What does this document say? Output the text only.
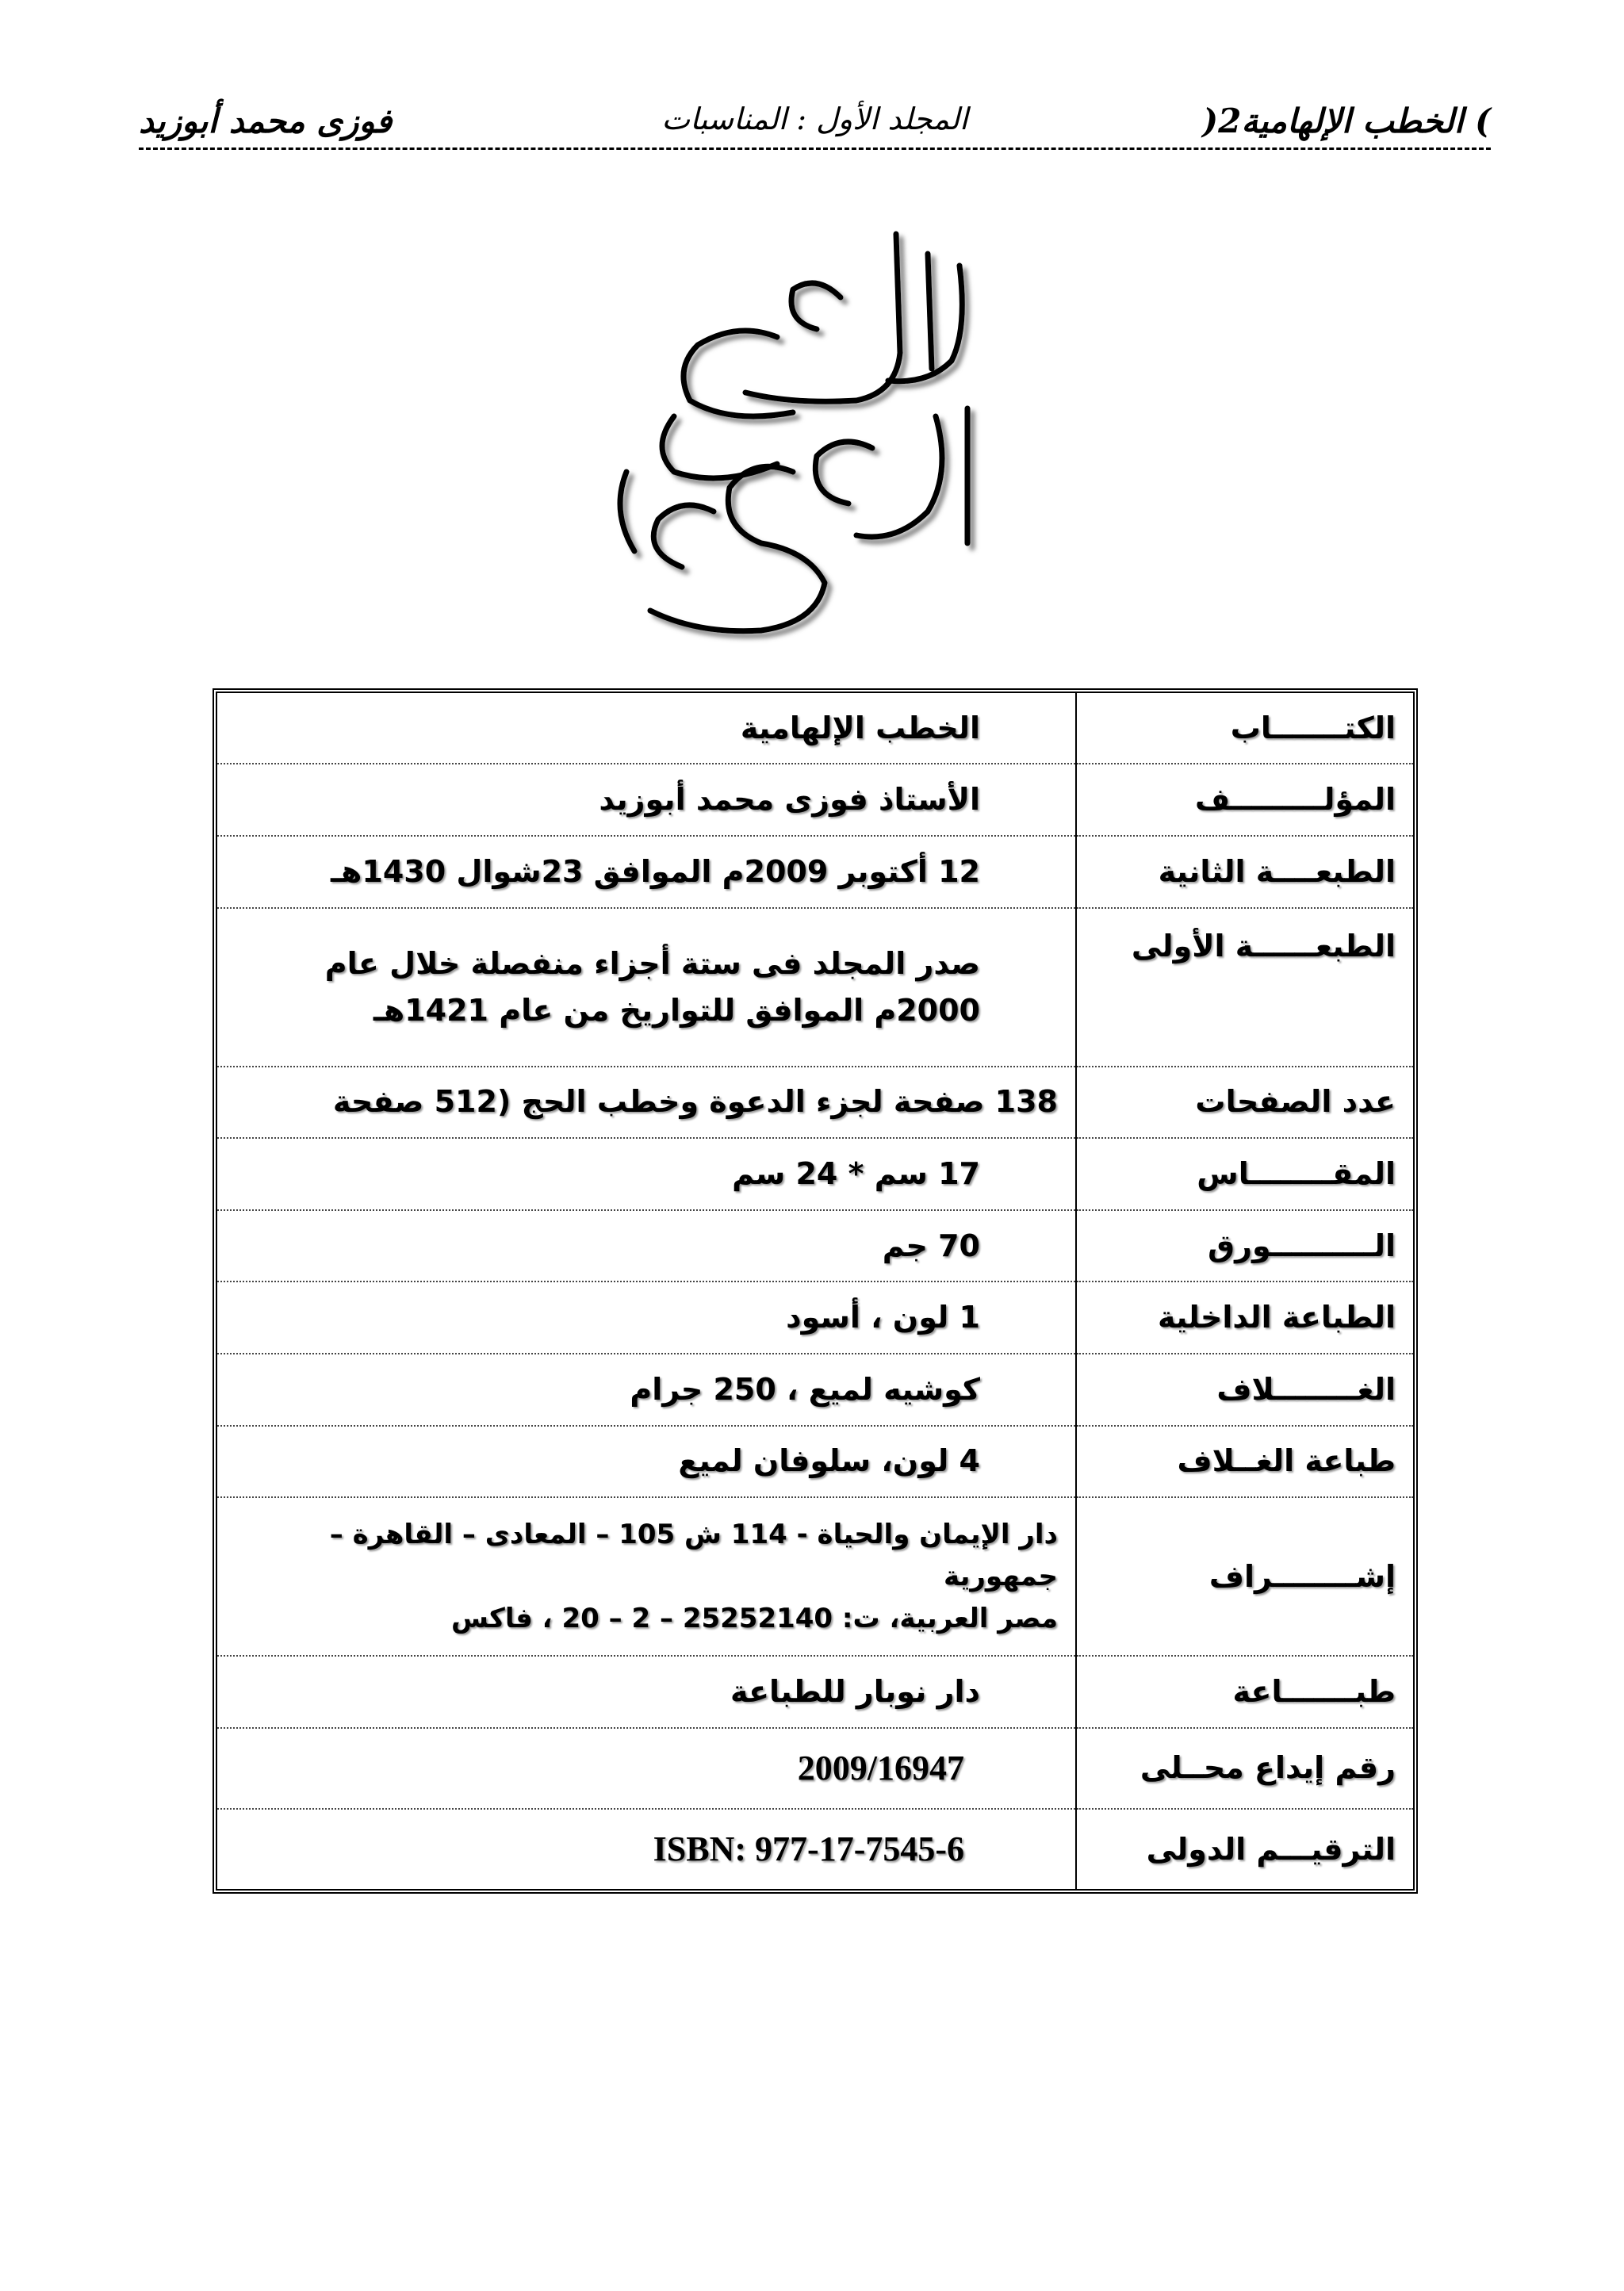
) الخطب الإلهامية2(
المجلد الأول : المناسبات
فوزى محمد أبوزيد
الكتـــــــاب	الخطب الإلهامية
المؤلـــــــــف	الأستاذ فوزى محمد أبوزيد
الطبعــــة الثانية	12 أكتوبر 2009م الموافق 23شوال 1430هـ
الطبعــــــة الأولى	صدر المجلد فى ستة أجزاء منفصلة خلال عام
2000م الموافق للتواريخ من عام 1421هـ

عدد الصفحات	138 صفحة لجزء الدعوة وخطب الحج (512 صفحة
المقــــــــاس	17 سم * 24 سم
الــــــــــورق	70 جم
الطباعة الداخلية	1 لون ، أسود
الغــــــــلاف	كوشيه لميع ، 250 جرام
طباعة الغــلاف	4 لون، سلوفان لميع
إشــــــــراف	دار الإيمان والحياة - 114 ش 105 – المعادى – القاهرة – جمهورية
مصر العربية، ت: 25252140 – 2 – 20 ، فاكس

طبـــــــاعة	دار نوبار للطباعة
رقم إيداع محــلى	2009/16947
الترقيـــم الدولى	ISBN: 977-17-7545-6
